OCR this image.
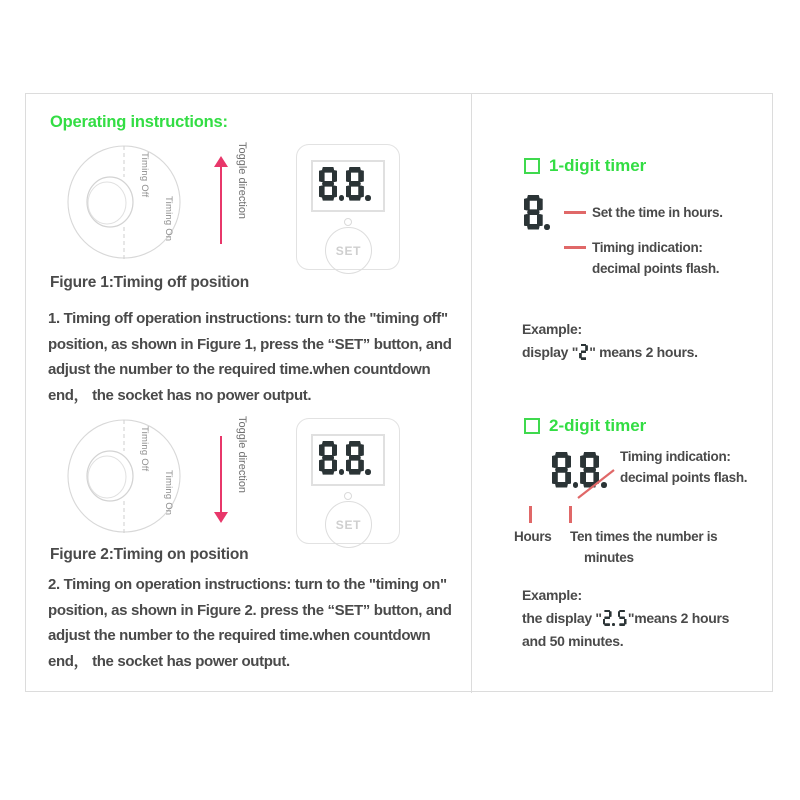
Operating instructions:
Timing Off
Timing On	Toggle direction
SET
Figure 1:Timing off position
1. Timing off operation instructions: turn to the "timing off" position, as shown in Figure 1, press the “SET” button, and adjust the number to the required time.when countdown end， the socket has no power output.
Timing Off
Timing On	Toggle direction
SET
Figure 2:Timing on position
2. Timing on operation instructions: turn to the "timing on" position, as shown in Figure 2. press the “SET” button, and adjust the number to the required time.when countdown end， the socket has power output.
1-digit timer

Set the time in hours.
Timing indication:
decimal points flash.
Example:
display " " means 2 hours.
2-digit timer
Timing indication:
decimal points flash.
Hours	Ten times the number is
minutes
Example:
the display " "means 2 hours
and 50 minutes.
